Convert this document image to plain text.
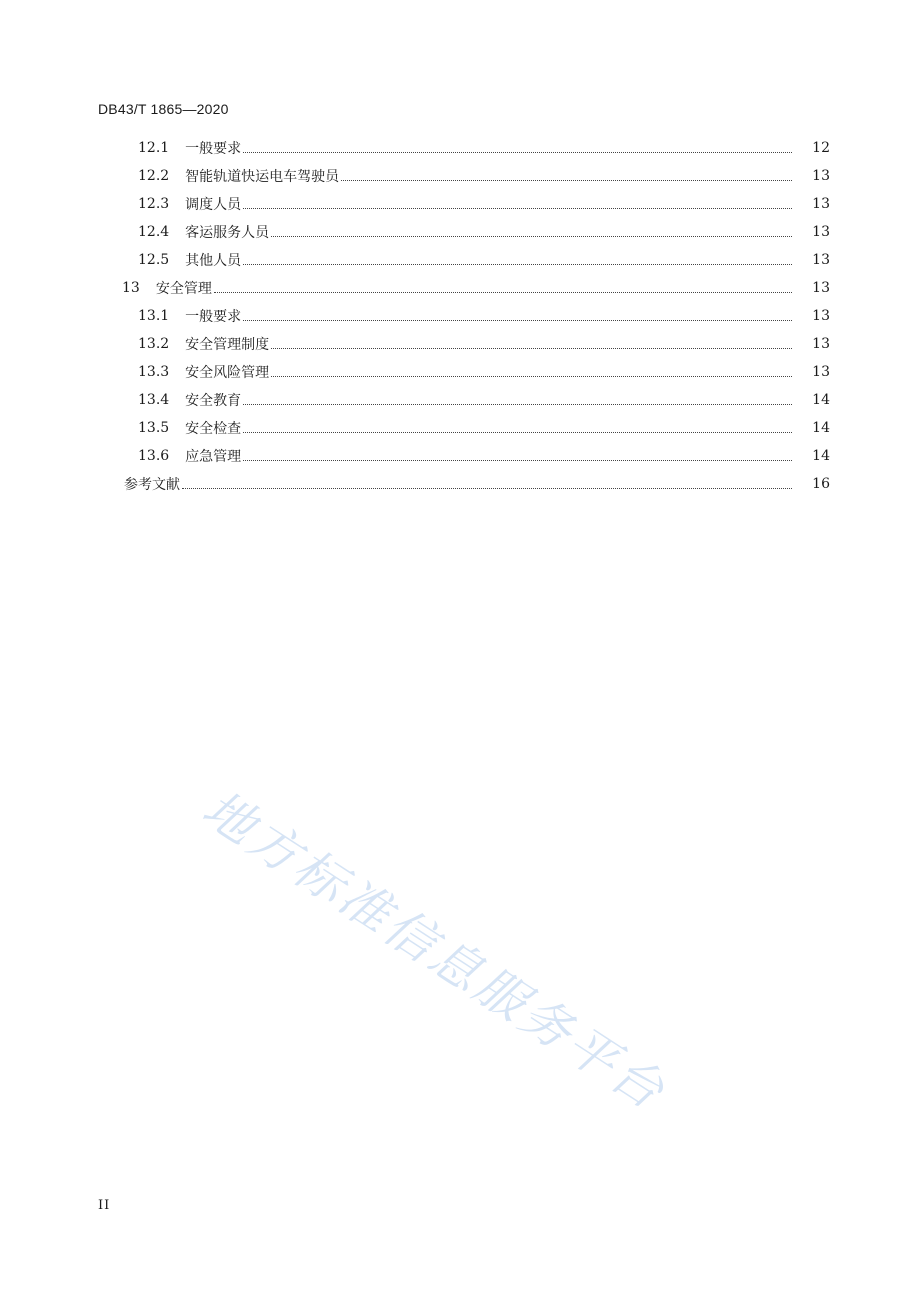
DB43/T 1865—2020
12.1 一般要求	12
12.2 智能轨道快运电车驾驶员	13
12.3 调度人员	13
12.4 客运服务人员	13
12.5 其他人员	13
13 安全管理	13
13.1 一般要求	13
13.2 安全管理制度	13
13.3 安全风险管理	13
13.4 安全教育	14
13.5 安全检查	14
13.6 应急管理	14
参考文献	16
地方标准信息服务平台
II
